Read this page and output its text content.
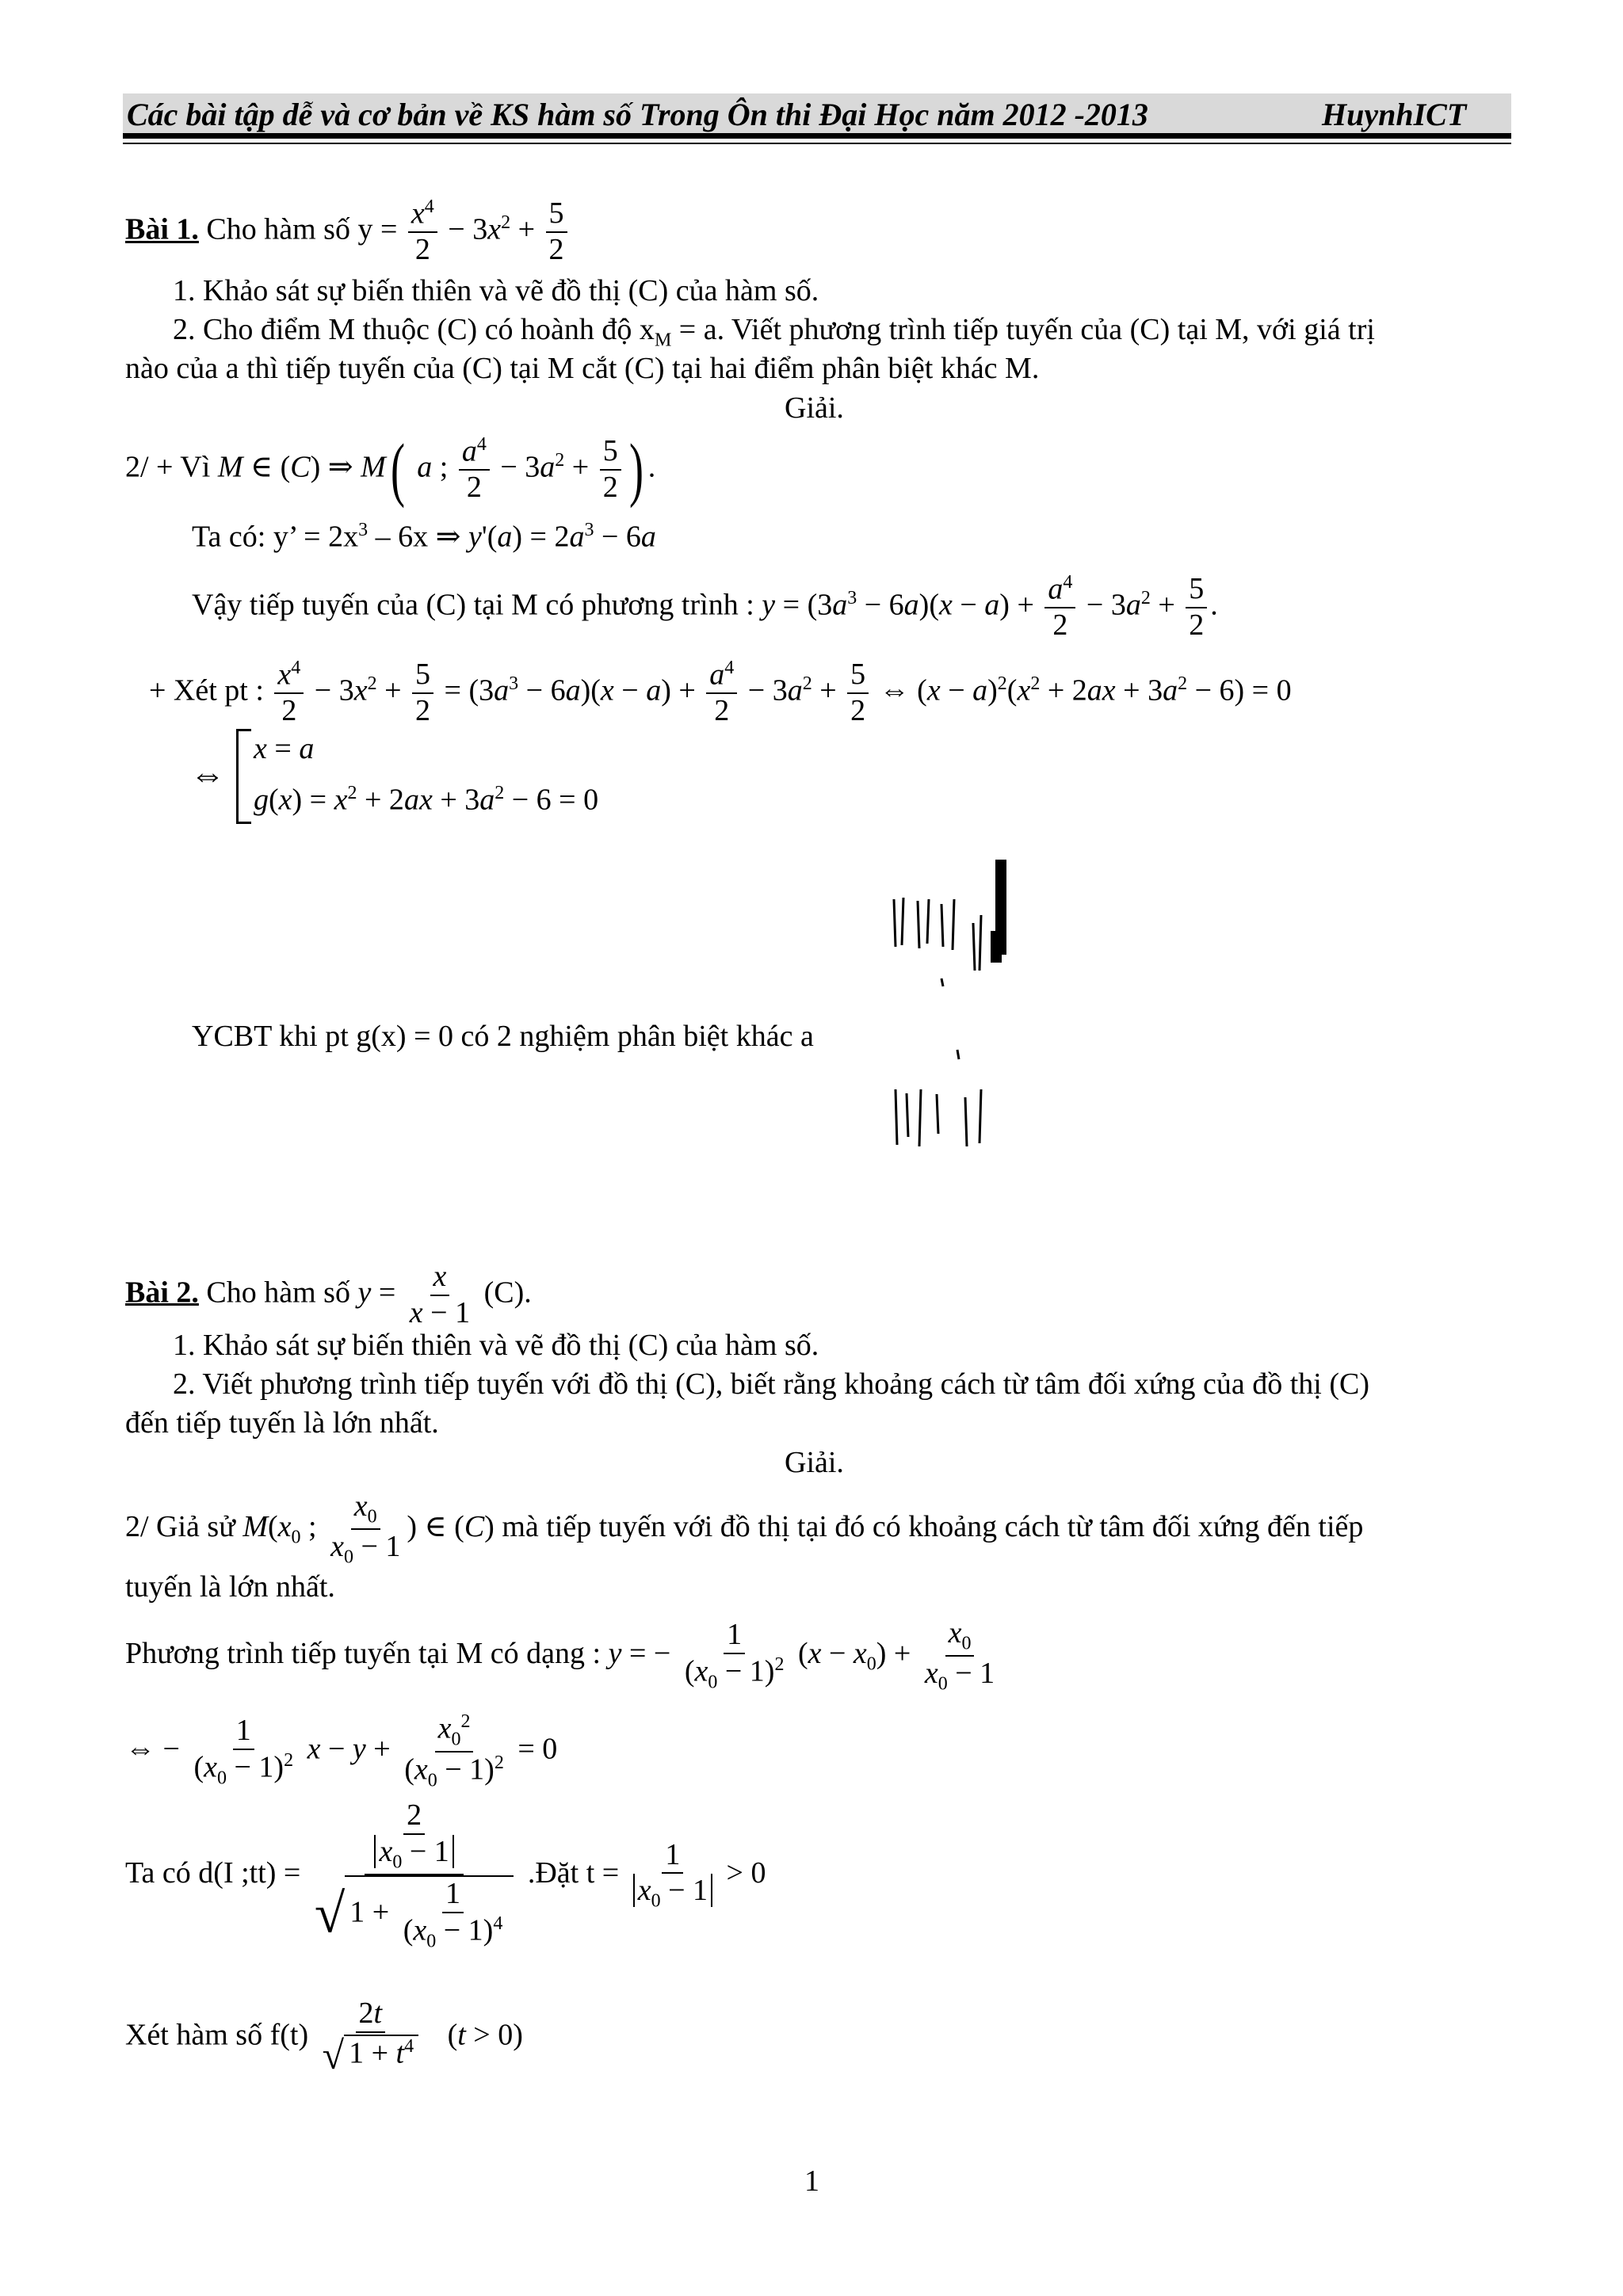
Các bài tập dễ và cơ bản về KS hàm số Trong Ôn thi Đại Học năm 2012 -2013	HuynhICT
Bài 1. Cho hàm số $y = \frac{x^4}{2} - 3x^2 + \frac{5}{2}$
1. Khảo sát sự biến thiên và vẽ đồ thị (C) của hàm số.
2. Cho điểm M thuộc (C) có hoành độ $x_M = a$. Viết phương trình tiếp tuyến của (C) tại M, với giá trị
nào của a thì tiếp tuyến của (C) tại M cắt (C) tại hai điểm phân biệt khác M.
Giải.
2/ + Vì M ∈ (C) ⇒ M( a ; $\frac{a^4}{2} - 3a^2 + \frac{5}{2}$ ) .
Ta có: y’ = $2x^3 - 6x$ ⇒ $y'(a) = 2a^3 - 6a$
Vậy tiếp tuyến của (C) tại M có phương trình : $y = (3a^3 - 6a)(x - a) + \frac{a^4}{2} - 3a^2 + \frac{5}{2}$ .
+ Xét pt : $\frac{x^4}{2} - 3x^2 + \frac{5}{2} = (3a^3 - 6a)(x - a) + \frac{a^4}{2} - 3a^2 + \frac{5}{2}$ ⇔ $(x - a)^2(x^2 + 2ax + 3a^2 - 6) = 0$
⇔
x = a
$g(x) = x^2 + 2ax + 3a^2 - 6 = 0$
YCBT khi pt g(x) = 0 có 2 nghiệm phân biệt khác a
Bài 2. Cho hàm số $y = \frac{x}{x - 1} (C)$.
1. Khảo sát sự biến thiên và vẽ đồ thị (C) của hàm số.
2. Viết phương trình tiếp tuyến với đồ thị (C), biết rằng khoảng cách từ tâm đối xứng của đồ thị (C)
đến tiếp tuyến là lớn nhất.
Giải.
2/ Giả sử $M(x_0$ ; $\frac{x_0}{x_0 - 1}$ ) ∈ (C) mà tiếp tuyến với đồ thị tại đó có khoảng cách từ tâm đối xứng đến tiếp
tuyến là lớn nhất.
Phương trình tiếp tuyến tại M có dạng : y = − $\frac{1}{(x_0 - 1)^2} (x - x_0) + \frac{x_0}{x_0 - 1}$
⇔ − $\frac{1}{(x_0 - 1)^2}$ $x - y + \frac{x_0^2}{(x_0 - 1)^2} = 0$
Ta có d(I ;tt) = $\frac{\frac{2}{x_0 - 1}}{√ 1 + \frac{1}{(x_0 - 1)^4}}$ .Đặt $t = \frac{1}{x_0 - 1} > 0$
Xét hàm số $f(t) \frac{2t}{√ 1 + t^4} (t > 0)$
1
